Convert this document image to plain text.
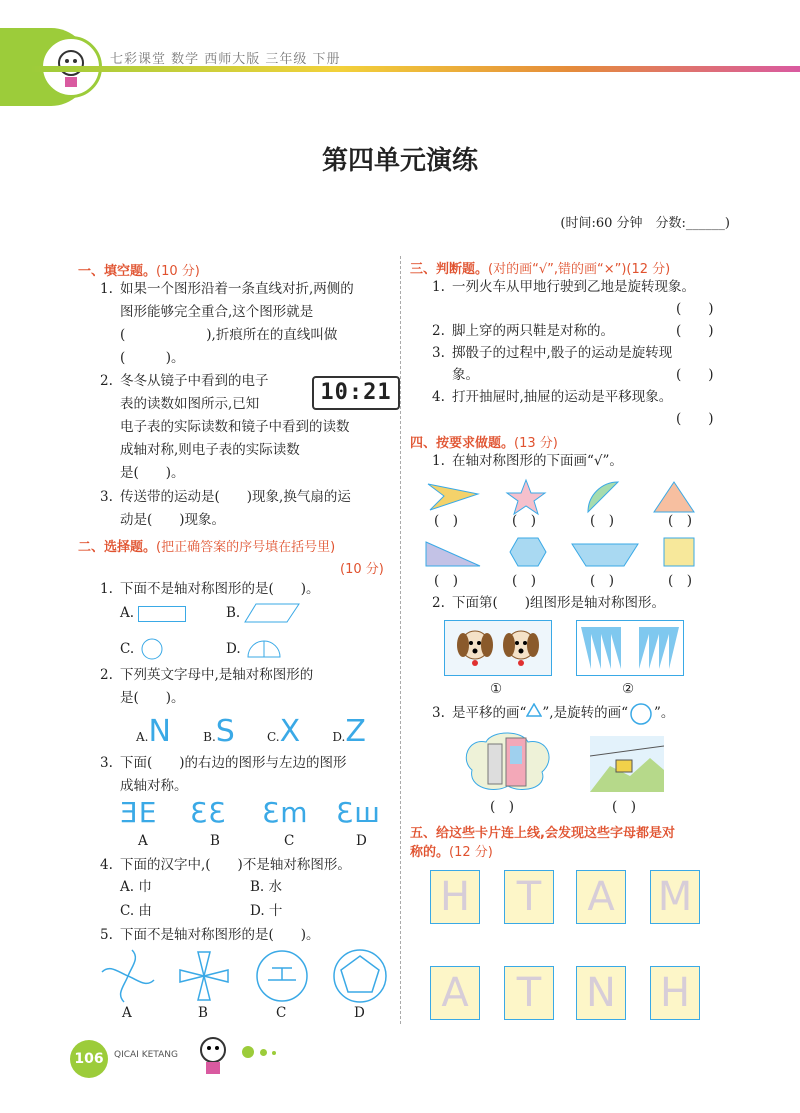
七彩课堂 数学 西师大版 三年级 下册
第四单元演练
(时间:60 分钟　分数:______)
一、填空题。(10 分)
1. 如果一个图形沿着一条直线对折,两侧的
图形能够完全重合,这个图形就是
(　　　　　　),折痕所在的直线叫做
(　　　)。
2. 冬冬从镜子中看到的电子
表的读数如图所示,已知
电子表的实际读数和镜子中看到的读数
成轴对称,则电子表的实际读数
是(　　)。
10:21
3. 传送带的运动是(　　)现象,换气扇的运
动是(　　)现象。
二、选择题。(把正确答案的序号填在括号里)
(10 分)
1. 下面不是轴对称图形的是(　　)。
A.	B.
C.	D.
2. 下列英文字母中,是轴对称图形的
是(　　)。
A.N	B.S	C.X	D.Z
3. 下面(　　)的右边的图形与左边的图形
成轴对称。
ƎE ƐƐ Ɛm Ɛш
A	B	C	D
4. 下面的汉字中,(　　)不是轴对称图形。
A. 巾	B. 水
C. 由	D. 十
5. 下面不是轴对称图形的是(　　)。
A	B	C	D
三、判断题。(对的画“√”,错的画“×”)(12 分)
1. 一列火车从甲地行驶到乙地是旋转现象。
(　　)
2. 脚上穿的两只鞋是对称的。	(　　)
3. 掷骰子的过程中,骰子的运动是旋转现
象。	(　　)
4. 打开抽屉时,抽屉的运动是平移现象。
(　　)
四、按要求做题。(13 分)
1. 在轴对称图形的下面画“√”。
(　)	(　)	(　)	(　)
(　)	(　)	(　)	(　)
2. 下面第(　　)组图形是轴对称图形。
①	②
3. 是平移的画“ ”,是旋转的画“ ”。
(　)	(　)
五、给这些卡片连上线,会发现这些字母都是对
称的。(12 分)
H T A M
A T N H
106	QICAI KETANG
